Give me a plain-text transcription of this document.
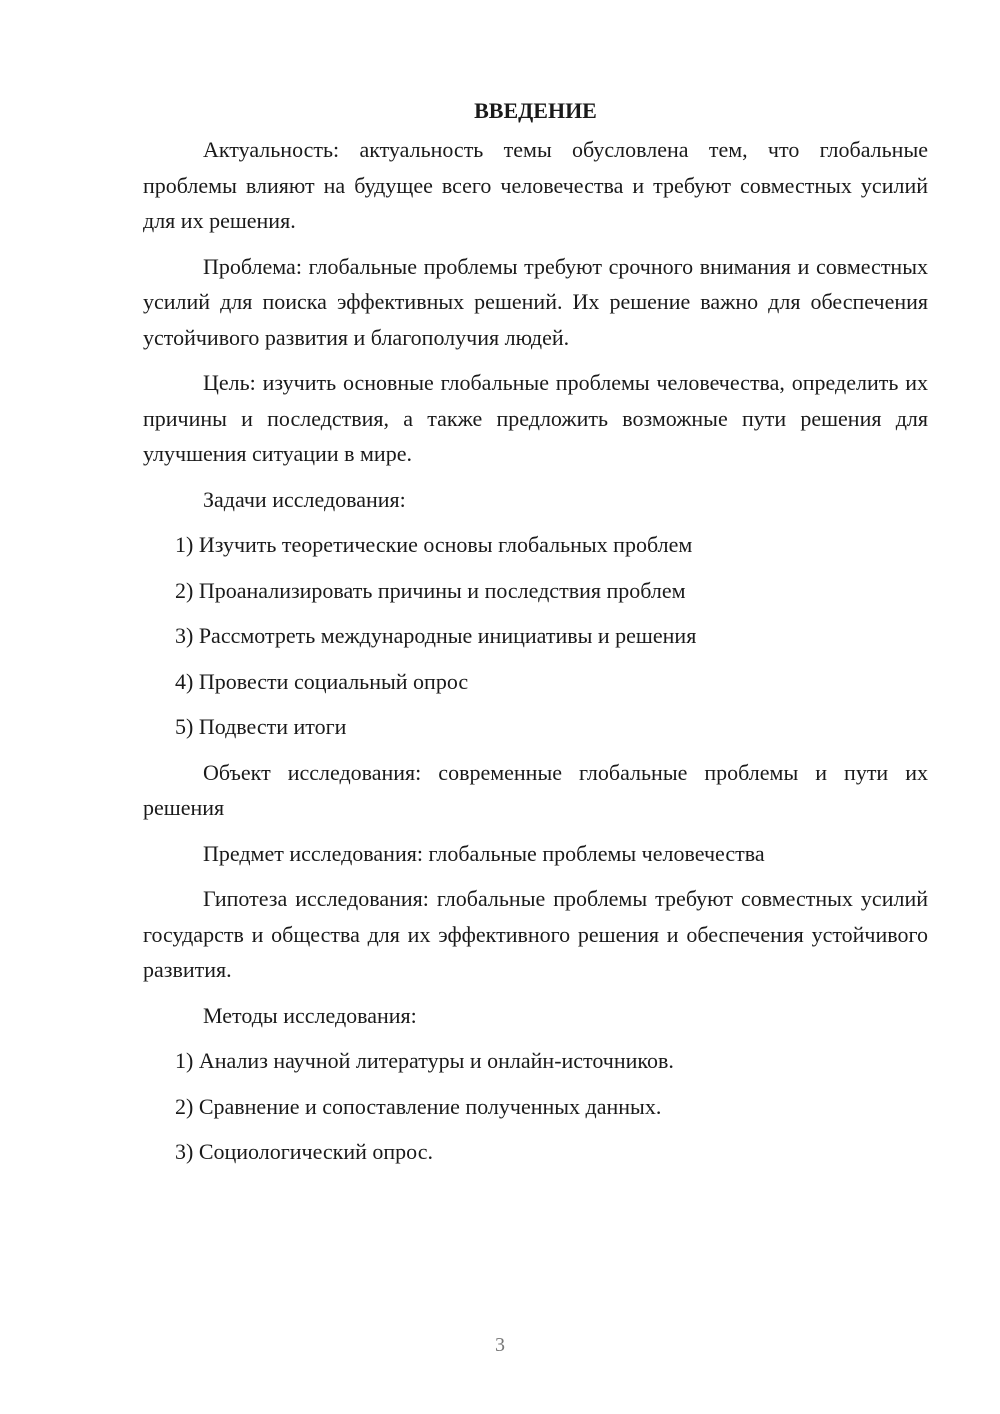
ВВЕДЕНИЕ

Актуальность: актуальность темы обусловлена тем, что глобальные проблемы влияют на будущее всего человечества и требуют совместных усилий для их решения.

Проблема: глобальные проблемы требуют срочного внимания и совместных усилий для поиска эффективных решений. Их решение важно для обеспечения устойчивого развития и благополучия людей.

Цель: изучить основные глобальные проблемы человечества, определить их причины и последствия, а также предложить возможные пути решения для улучшения ситуации в мире.

Задачи исследования:

1) Изучить теоретические основы глобальных проблем
2) Проанализировать причины и последствия проблем
3) Рассмотреть международные инициативы и решения
4) Провести социальный опрос
5) Подвести итоги

Объект исследования: современные глобальные проблемы и пути их решения

Предмет исследования: глобальные проблемы человечества

Гипотеза исследования: глобальные проблемы требуют совместных усилий государств и общества для их эффективного решения и обеспечения устойчивого развития.

Методы исследования:

1) Анализ научной литературы и онлайн-источников.
2) Сравнение и сопоставление полученных данных.
3) Социологический опрос.
3
